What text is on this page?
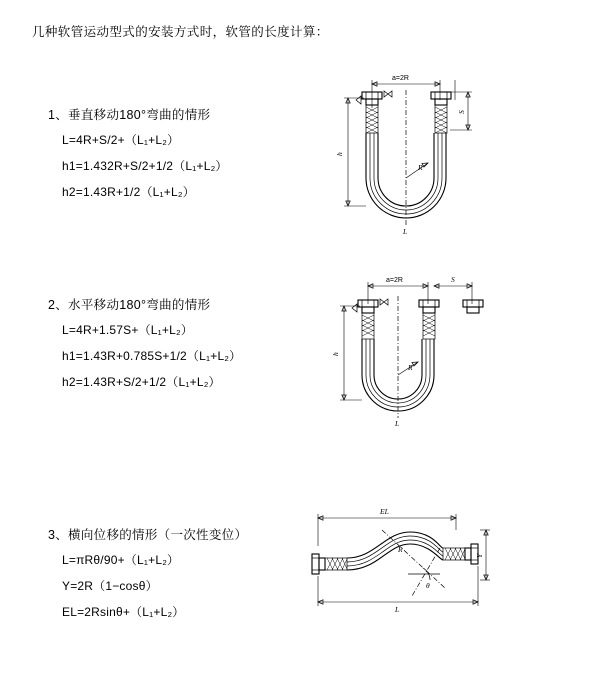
几种软管运动型式的安装方式时，软管的长度计算：
1、垂直移动180°弯曲的情形
L=4R+S/2+（L₁+L₂）
h1=1.432R+S/2+1/2（L₁+L₂）
h2=1.43R+1/2（L₁+L₂）
a=2R
R
h
S
L
2、水平移动180°弯曲的情形
L=4R+1.57S+（L₁+L₂）
h1=1.43R+0.785S+1/2（L₁+L₂）
h2=1.43R+S/2+1/2（L₁+L₂）
a=2R	S
R
h
L
3、横向位移的情形（一次性变位）
L=πRθ/90+（L₁+L₂）
Y=2R（1−cosθ）
EL=2Rsinθ+（L₁+L₂）
EL
θ
R
Y
L
